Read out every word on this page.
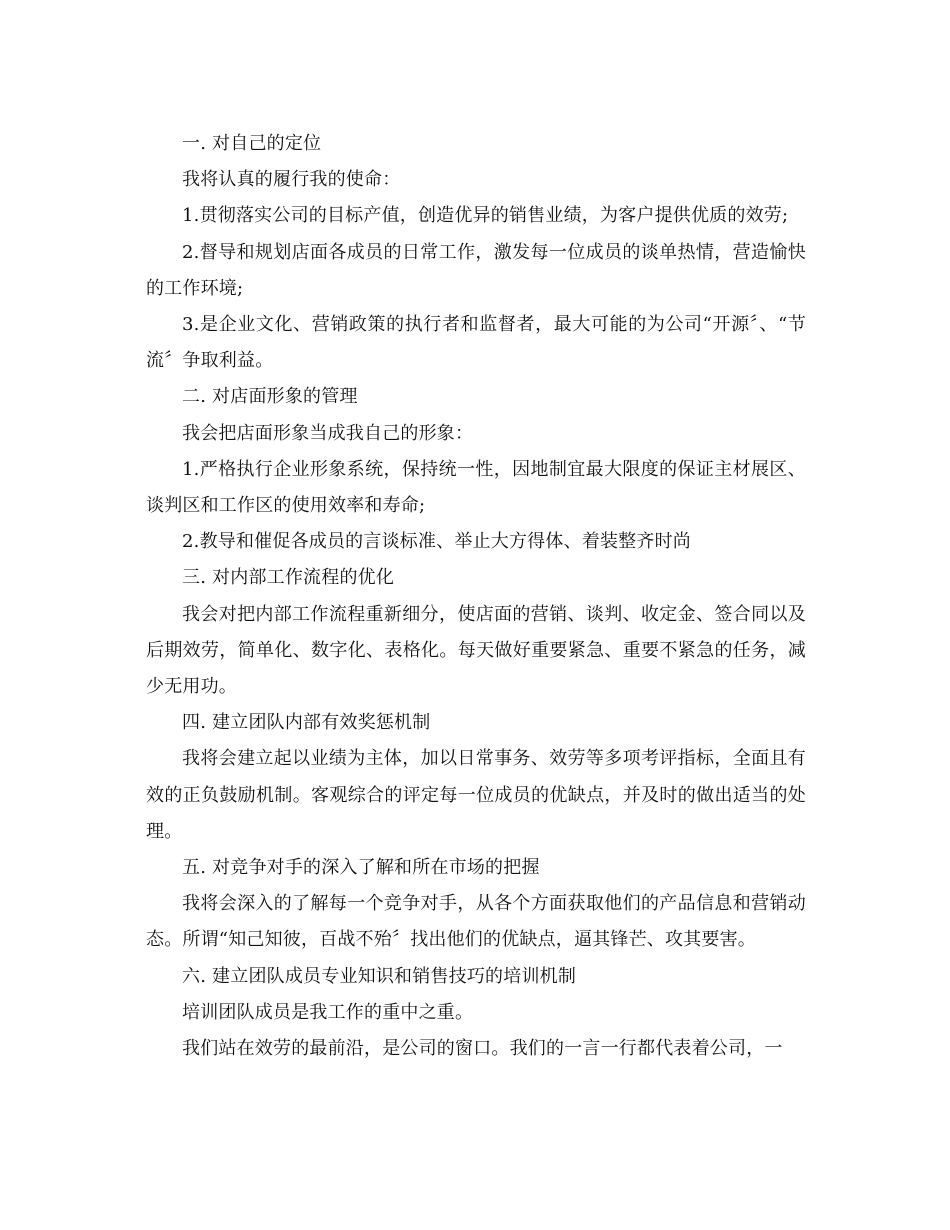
一. 对自己的定位

我将认真的履行我的使命：

1.贯彻落实公司的目标产值，创造优异的销售业绩，为客户提供优质的效劳;

2.督导和规划店面各成员的日常工作，激发每一位成员的谈单热情，营造愉快的工作环境;

3.是企业文化、营销政策的执行者和监督者，最大可能的为公司“开源〞、“节流〞争取利益。

二. 对店面形象的管理

我会把店面形象当成我自己的形象：

1.严格执行企业形象系统，保持统一性，因地制宜最大限度的保证主材展区、谈判区和工作区的使用效率和寿命;

2.教导和催促各成员的言谈标准、举止大方得体、着装整齐时尚

三. 对内部工作流程的优化

我会对把内部工作流程重新细分，使店面的营销、谈判、收定金、签合同以及后期效劳，简单化、数字化、表格化。每天做好重要紧急、重要不紧急的任务，减少无用功。

四. 建立团队内部有效奖惩机制

我将会建立起以业绩为主体，加以日常事务、效劳等多项考评指标，全面且有效的正负鼓励机制。客观综合的评定每一位成员的优缺点，并及时的做出适当的处理。

五. 对竞争对手的深入了解和所在市场的把握

我将会深入的了解每一个竞争对手，从各个方面获取他们的产品信息和营销动态。所谓“知己知彼，百战不殆〞找出他们的优缺点，逼其锋芒、攻其要害。

六. 建立团队成员专业知识和销售技巧的培训机制

培训团队成员是我工作的重中之重。

我们站在效劳的最前沿，是公司的窗口。我们的一言一行都代表着公司，一
